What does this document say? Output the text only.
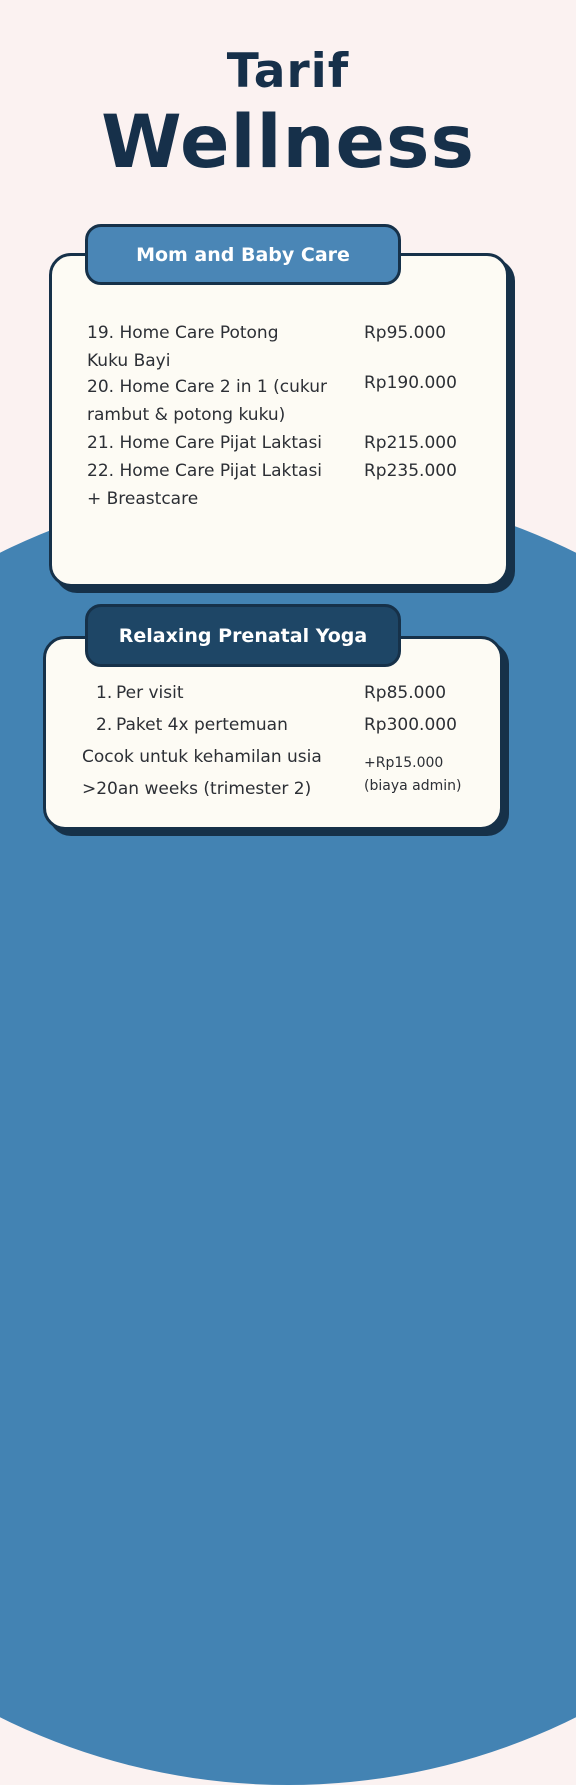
Tarif
Wellness
19. Home Care Potong
Kuku Bayi
Rp95.000
20. Home Care 2 in 1 (cukur
rambut & potong kuku)
Rp190.000
21. Home Care Pijat Laktasi Rp215.000
22. Home Care Pijat Laktasi
+ Breastcare
Rp235.000
Mom and Baby Care
1. Per visit	Rp85.000
2. Paket 4x pertemuan	Rp300.000
Cocok untuk kehamilan usia
>20an weeks (trimester 2)
+Rp15.000
(biaya admin)
Relaxing Prenatal Yoga
